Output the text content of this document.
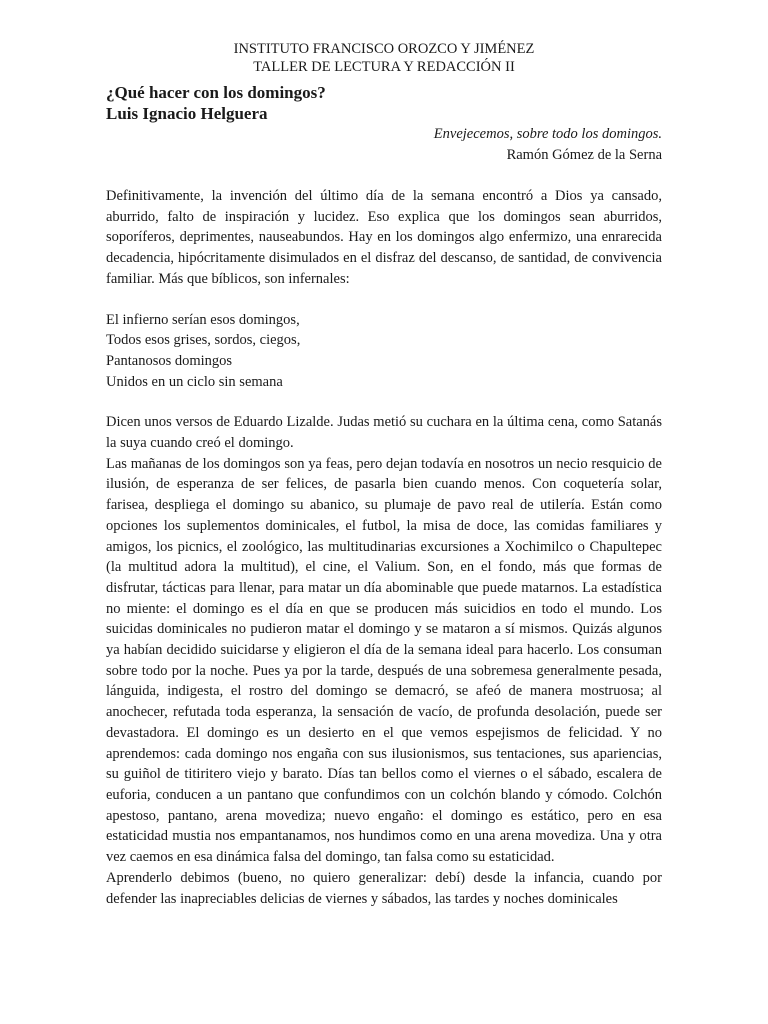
INSTITUTO FRANCISCO OROZCO Y JIMÉNEZ

TALLER DE LECTURA Y REDACCIÓN II

¿Qué hacer con los domingos?

Luis Ignacio Helguera

Envejecemos, sobre todo los domingos.

Ramón Gómez de la Serna

Definitivamente, la invención del último día de la semana encontró a Dios ya cansado, aburrido, falto de inspiración y lucidez. Eso explica que los domingos sean aburridos, soporíferos, deprimentes, nauseabundos. Hay en los domingos algo enfermizo, una enrarecida decadencia, hipócritamente disimulados en el disfraz del descanso, de santidad, de convivencia familiar. Más que bíblicos, son infernales:

El infierno serían esos domingos,

Todos esos grises, sordos, ciegos,

Pantanosos domingos

Unidos en un ciclo sin semana

Dicen unos versos de Eduardo Lizalde. Judas metió su cuchara en la última cena, como Satanás la suya cuando creó el domingo.

Las mañanas de los domingos son ya feas, pero dejan todavía en nosotros un necio resquicio de ilusión, de esperanza de ser felices, de pasarla bien cuando menos. Con coquetería solar, farisea, despliega el domingo su abanico, su plumaje de pavo real de utilería. Están como opciones los suplementos dominicales, el futbol, la misa de doce, las comidas familiares y amigos, los picnics, el zoológico, las multitudinarias excursiones a Xochimilco o Chapultepec (la multitud adora la multitud), el cine, el Valium. Son, en el fondo, más que formas de disfrutar, tácticas para llenar, para matar un día abominable que puede matarnos. La estadística no miente: el domingo es el día en que se producen más suicidios en todo el mundo. Los suicidas dominicales no pudieron matar el domingo y se mataron a sí mismos. Quizás algunos ya habían decidido suicidarse y eligieron el día de la semana ideal para hacerlo. Los consuman sobre todo por la noche. Pues ya por la tarde, después de una sobremesa generalmente pesada, lánguida, indigesta, el rostro del domingo se demacró, se afeó de manera mostruosa; al anochecer, refutada toda esperanza, la sensación de vacío, de profunda desolación, puede ser devastadora. El domingo es un desierto en el que vemos espejismos de felicidad. Y no aprendemos: cada domingo nos engaña con sus ilusionismos, sus tentaciones, sus apariencias, su guiñol de titiritero viejo y barato. Días tan bellos como el viernes o el sábado, escalera de euforia, conducen a un pantano que confundimos con un colchón blando y cómodo. Colchón apestoso, pantano, arena movediza; nuevo engaño: el domingo es estático, pero en esa estaticidad mustia nos empantanamos, nos hundimos como en una arena movediza. Una y otra vez caemos en esa dinámica falsa del domingo, tan falsa como su estaticidad.

Aprenderlo debimos (bueno, no quiero generalizar: debí) desde la infancia, cuando por defender las inapreciables delicias de viernes y sábados, las tardes y noches dominicales
